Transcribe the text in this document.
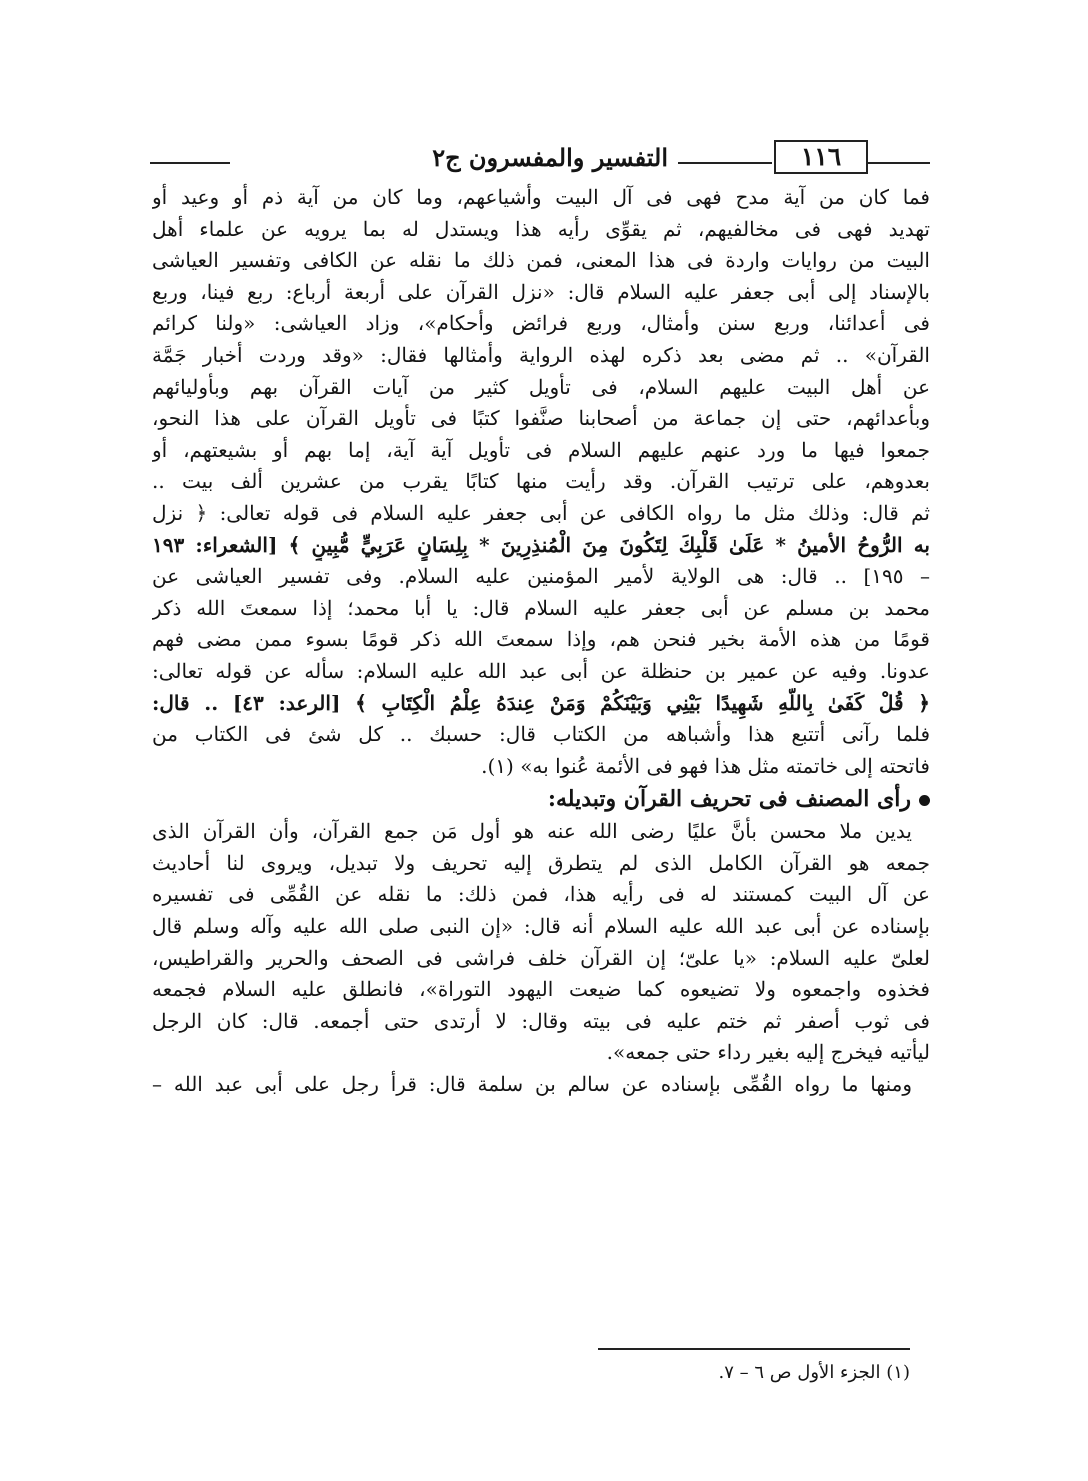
١١٦
التفسير والمفسرون ج٢
فما كان من آية مدح فهى فى آل البيت وأشياعهم، وما كان من آية ذم أو وعيد أو
تهديد فهى فى مخالفيهم، ثم يقوِّى رأيه هذا ويستدل له بما يرويه عن علماء أهل
البيت من روايات واردة فى هذا المعنى، فمن ذلك ما نقله عن الكافى وتفسير العياشى
بالإسناد إلى أبى جعفر عليه السلام قال: «نزل القرآن على أربعة أرباع: ربع فينا، وربع
فى أعدائنا، وربع سنن وأمثال، وربع فرائض وأحكام»، وزاد العياشى: «ولنا كرائم
القرآن» .. ثم مضى بعد ذكره لهذه الرواية وأمثالها فقال: «وقد وردت أخبار جَمَّة
عن أهل البيت عليهم السلام، فى تأويل كثير من آيات القرآن بهم وبأوليائهم
وبأعدائهم، حتى إن جماعة من أصحابنا صنَّفوا كتبًا فى تأويل القرآن على هذا النحو،
جمعوا فيها ما ورد عنهم عليهم السلام فى تأويل آية آية، إما بهم أو بشيعتهم، أو
بعدوهم، على ترتيب القرآن. وقد رأيت منها كتابًا يقرب من عشرين ألف بيت ..
ثم قال: وذلك مثل ما رواه الكافى عن أبى جعفر عليه السلام فى قوله تعالى: ﴿ نزل
به الرُّوحُ الأمينُ * عَلَىٰ قَلْبِكَ لِتَكُونَ مِنَ الْمُنذِرِينَ * بِلِسَانٍ عَرَبِيٍّ مُّبِينٍ ﴾ [الشعراء: ١٩٣
– ١٩٥] .. قال: هى الولاية لأمير المؤمنين عليه السلام. وفى تفسير العياشى عن
محمد بن مسلم عن أبى جعفر عليه السلام قال: يا أبا محمد؛ إذا سمعتَ الله ذكر
قومًا من هذه الأمة بخير فنحن هم، وإذا سمعتَ الله ذكر قومًا بسوء ممن مضى فهم
عدونا. وفيه عن عمير بن حنظلة عن أبى عبد الله عليه السلام: سأله عن قوله تعالى:
﴿ قُلْ كَفَىٰ بِاللَّهِ شَهِيدًا بَيْنِي وَبَيْنَكُمْ وَمَنْ عِندَهُ عِلْمُ الْكِتَابِ ﴾ [الرعد: ٤٣] .. قال:
فلما رآنى أتتبع هذا وأشباهه من الكتاب قال: حسبك .. كل شئ فى الكتاب من
فاتحته إلى خاتمته مثل هذا فهو فى الأئمة عُنوا به» (١).
رأى المصنف فى تحريف القرآن وتبديله:
يدين ملا محسن بأنَّ عليًا رضى الله عنه هو أول مَن جمع القرآن، وأن القرآن الذى
جمعه هو القرآن الكامل الذى لم يتطرق إليه تحريف ولا تبديل، ويروى لنا أحاديث
عن آل البيت كمستند له فى رأيه هذا، فمن ذلك: ما نقله عن القُمِّى فى تفسيره
بإسناده عن أبى عبد الله عليه السلام أنه قال: «إن النبى صلى الله عليه وآله وسلم قال
لعلىّ عليه السلام: «يا علىّ؛ إن القرآن خلف فراشى فى الصحف والحرير والقراطيس،
فخذوه واجمعوه ولا تضيعوه كما ضيعت اليهود التوراة»، فانطلق عليه السلام فجمعه
فى ثوب أصفر ثم ختم عليه فى بيته وقال: لا أرتدى حتى أجمعه. قال: كان الرجل
ليأتيه فيخرج إليه بغير رداء حتى جمعه».
ومنها ما رواه القُمِّى بإسناده عن سالم بن سلمة قال: قرأ رجل على أبى عبد الله –
(١) الجزء الأول ص ٦ – ٧.
